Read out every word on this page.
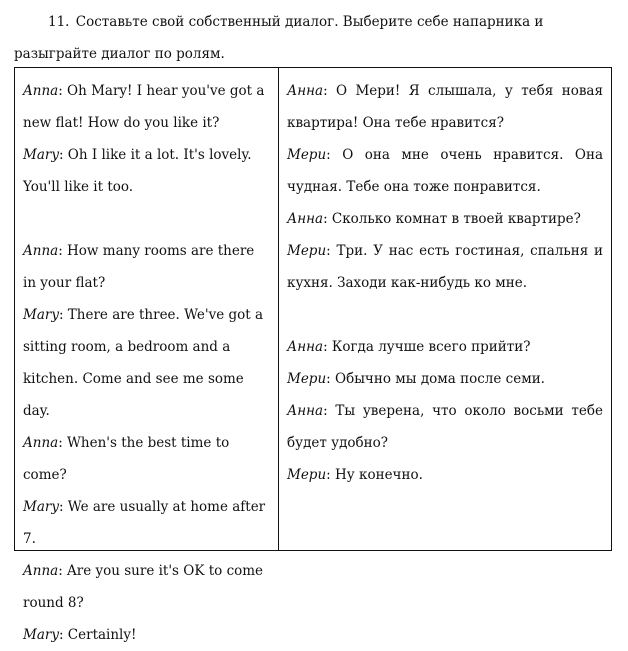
11. Составьте свой собственный диалог. Выберите себе напарника и разыграйте диалог по ролям.

Anna: Oh Mary! I hear you've got a new flat! How do you like it?

Mary: Oh I like it a lot. It's lovely. You'll like it too.

Anna: How many rooms are there in your flat?

Mary: There are three. We've got a sitting room, a bedroom and a kitchen. Come and see me some day.

Anna: When's the best time to come?

Mary: We are usually at home after 7.

Anna: Are you sure it's OK to come round 8?

Mary: Certainly!

Анна: О Мери! Я слышала, у тебя новая квартира! Она тебе нравится?

Мери: О она мне очень нравится. Она чудная. Тебе она тоже понравится.

Анна: Сколько комнат в твоей квартире?

Мери: Три. У нас есть гостиная, спальня и кухня. Заходи как-нибудь ко мне.

Анна: Когда лучше всего прийти?

Мери: Обычно мы дома после семи.

Анна: Ты уверена, что около восьми тебе будет удобно?

Мери: Ну конечно.
